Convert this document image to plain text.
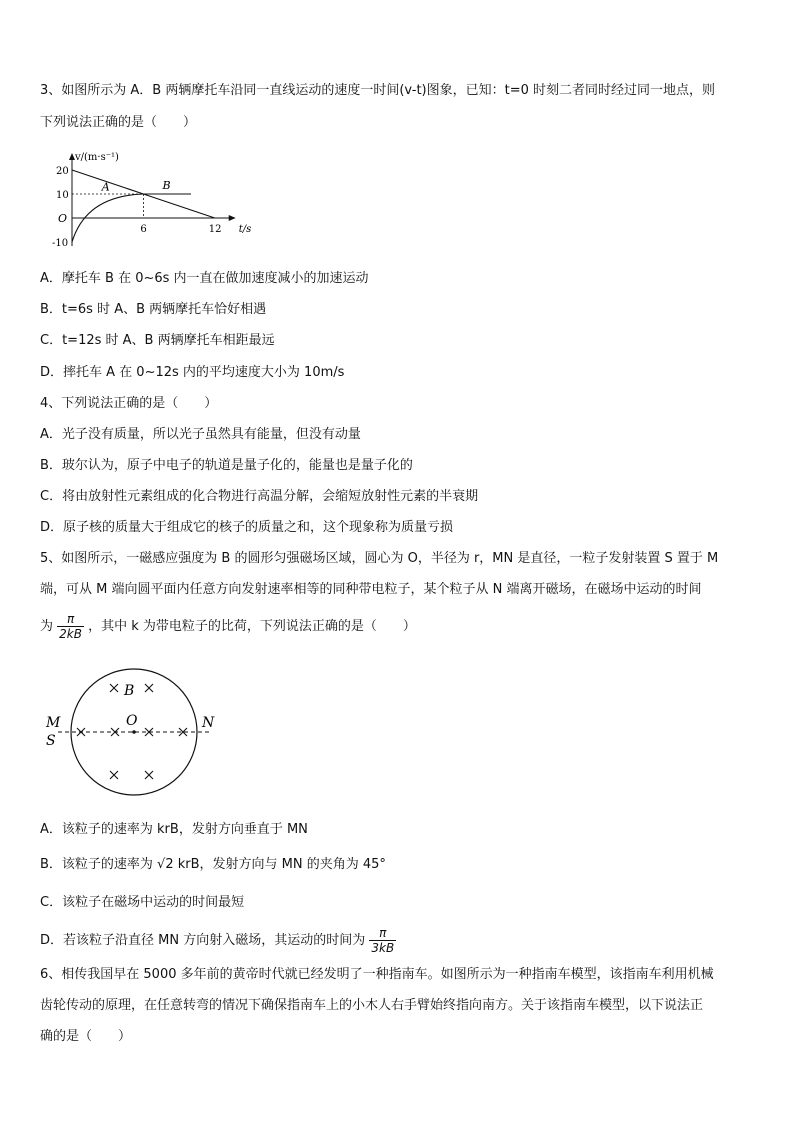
3、如图所示为 A．B 两辆摩托车沿同一直线运动的速度一时间(v-t)图象，已知：t=0 时刻二者同时经过同一地点，则
下列说法正确的是（　　）
v/(m·s⁻¹)
t/s
O
20
10
-10
6	12
A	B
A．摩托车 B 在 0~6s 内一直在做加速度减小的加速运动
B．t=6s 时 A、B 两辆摩托车恰好相遇
C．t=12s 时 A、B 两辆摩托车相距最远
D．摔托车 A 在 0~12s 内的平均速度大小为 10m/s
4、下列说法正确的是（　　）
A．光子没有质量，所以光子虽然具有能量，但没有动量
B．玻尔认为，原子中电子的轨道是量子化的，能量也是量子化的
C．将由放射性元素组成的化合物进行高温分解，会缩短放射性元素的半衰期
D．原子核的质量大于组成它的核子的质量之和，这个现象称为质量亏损
5、如图所示，一磁感应强度为 B 的圆形匀强磁场区域，圆心为 O，半径为 r，MN 是直径，一粒子发射装置 S 置于 M
端，可从 M 端向圆平面内任意方向发射速率相等的同种带电粒子，某个粒子从 N 端离开磁场，在磁场中运动的时间
为 $\frac{\pi}{2kB}$ ，其中 k 为带电粒子的比荷，下列说法正确的是（　　）
B
O
M
S
N
A．该粒子的速率为 krB，发射方向垂直于 MN
B．该粒子的速率为 √2 krB，发射方向与 MN 的夹角为 45°
C．该粒子在磁场中运动的时间最短
D．若该粒子沿直径 MN 方向射入磁场，其运动的时间为 $\frac{\pi}{3kB}$
6、相传我国早在 5000 多年前的黄帝时代就已经发明了一种指南车。如图所示为一种指南车模型，该指南车利用机械
齿轮传动的原理，在任意转弯的情况下确保指南车上的小木人右手臂始终指向南方。关于该指南车模型，以下说法正
确的是（　　）
